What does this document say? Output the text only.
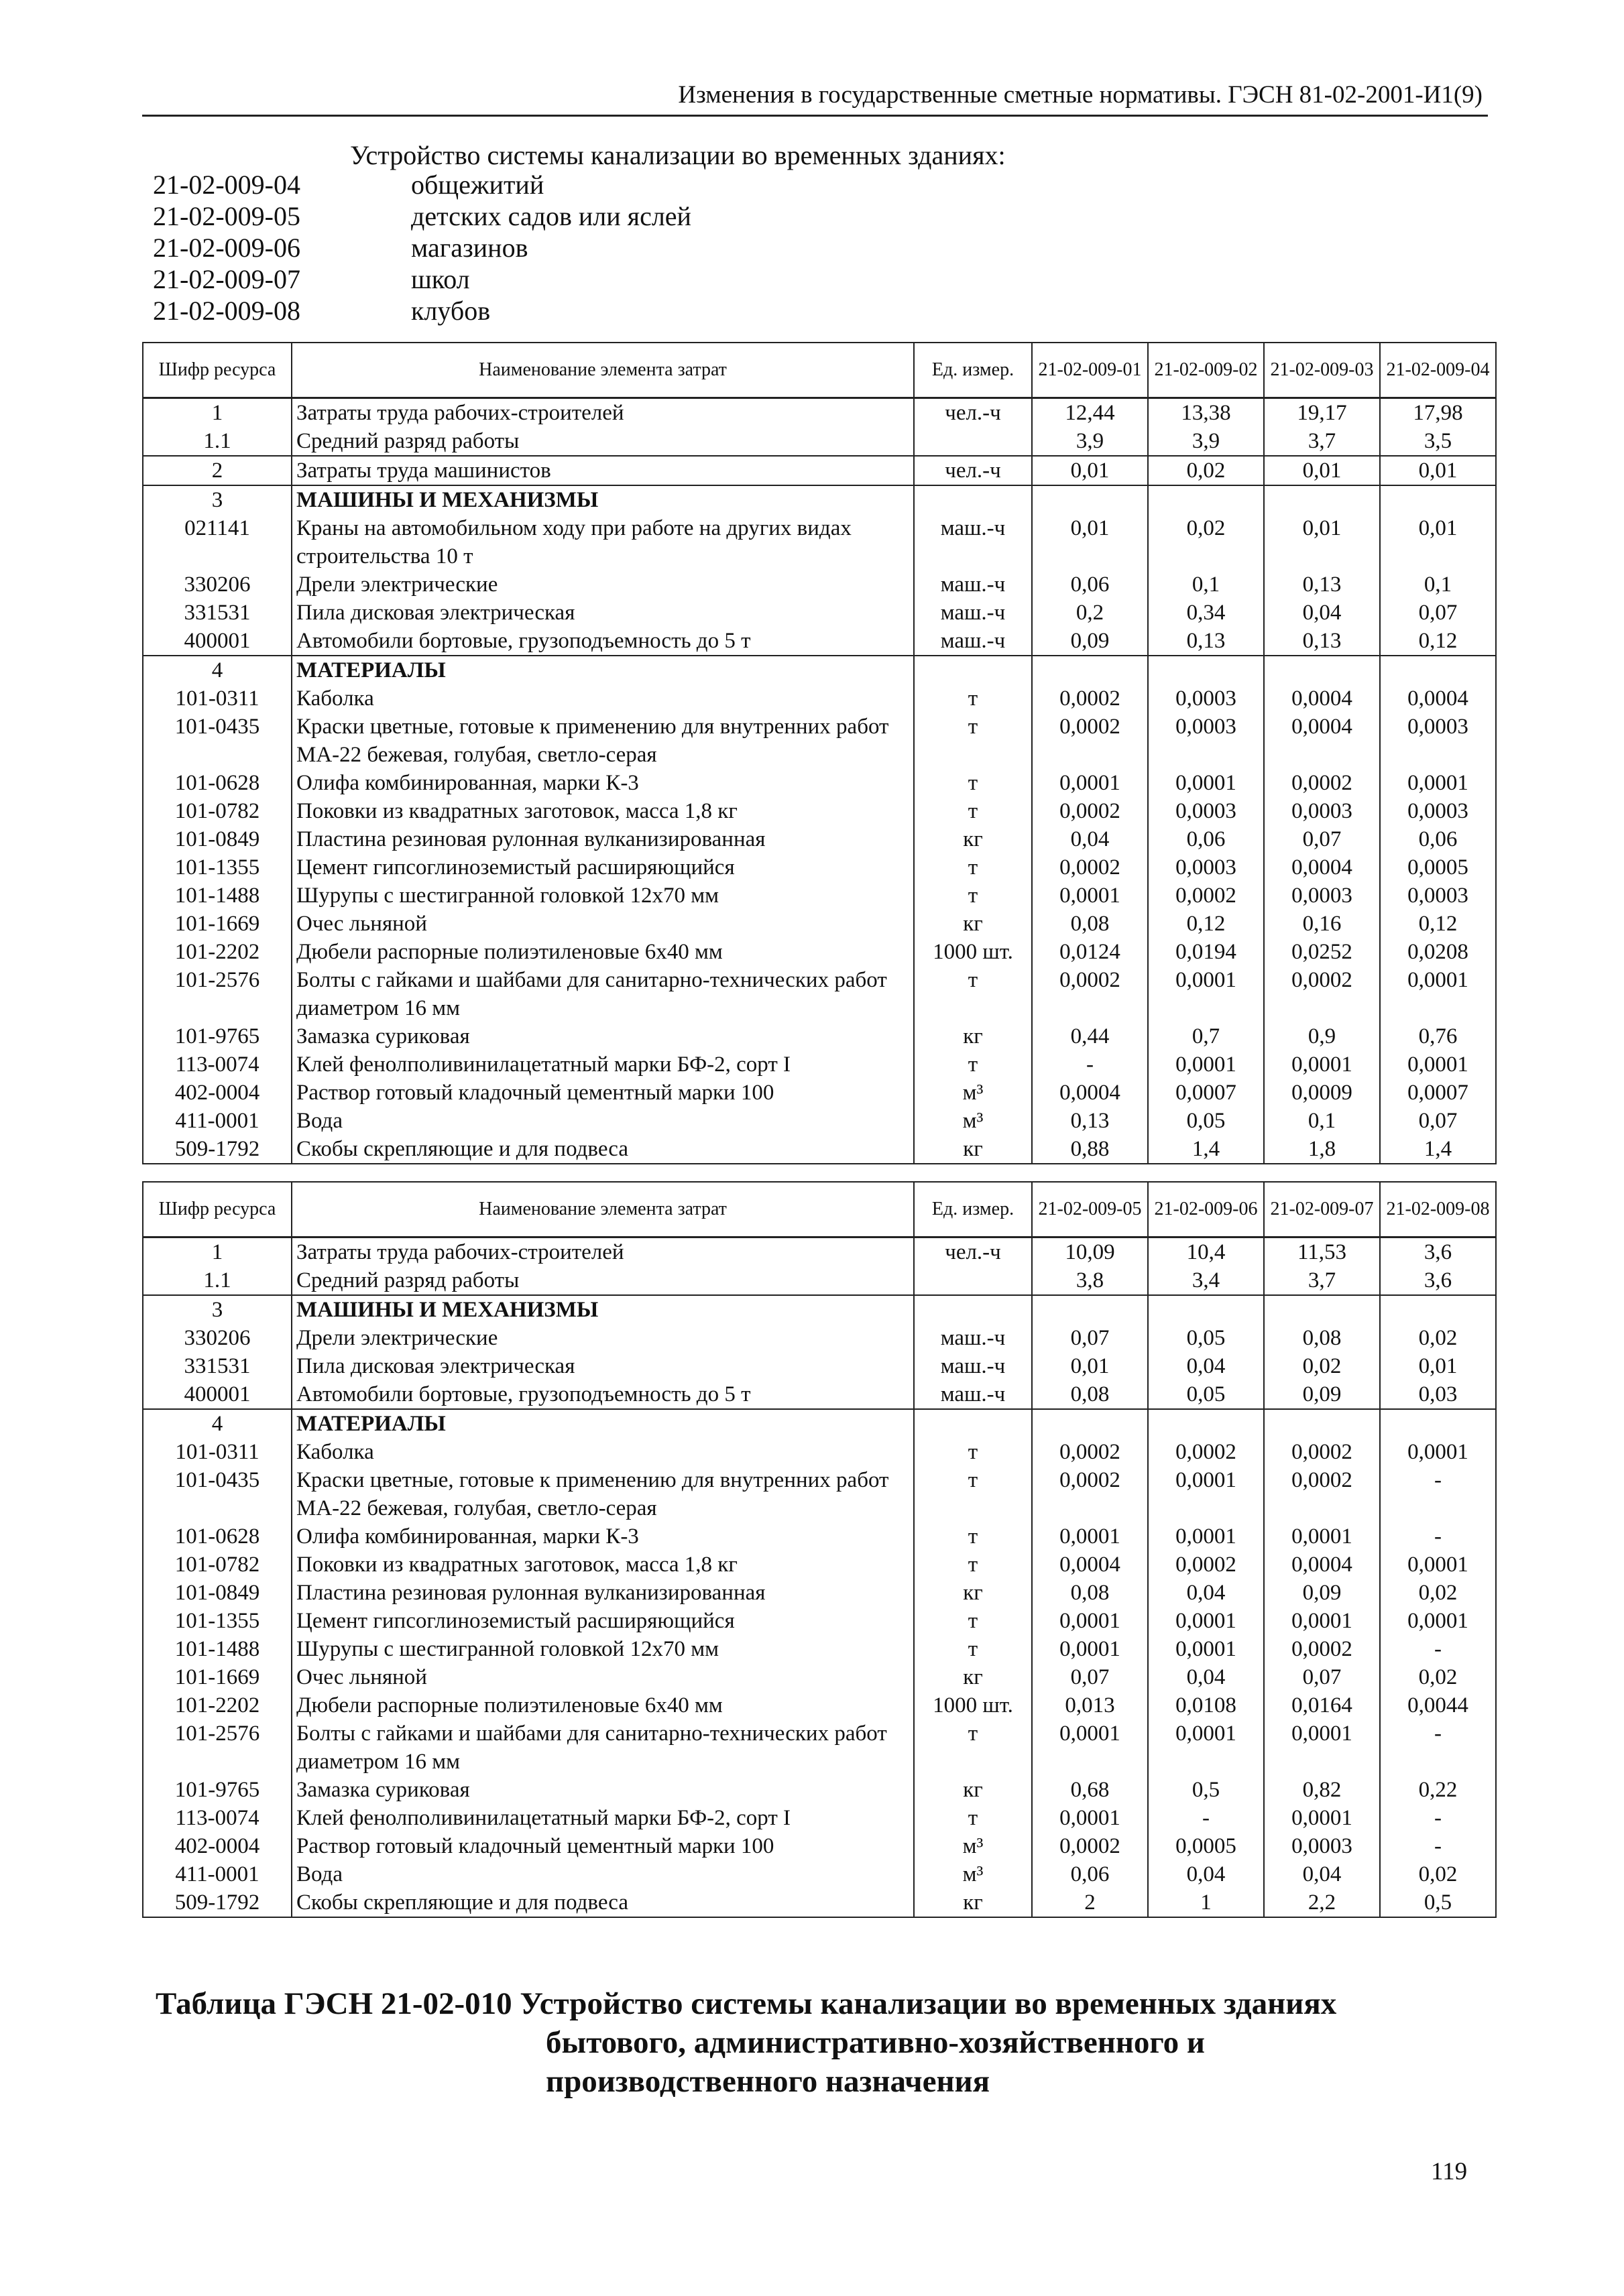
Изменения в государственные сметные нормативы. ГЭСН 81-02-2001-И1(9)
Устройство системы канализации во временных зданиях:
21-02-009-04	общежитий
21-02-009-05	детских садов или яслей
21-02-009-06	магазинов
21-02-009-07	школ
21-02-009-08	клубов
Шифр ресурса	Наименование элемента затрат	Ед. измер.	21-02-009-01	21-02-009-02	21-02-009-03	21-02-009-04
1	Затраты труда рабочих-строителей	чел.-ч	12,44	13,38	19,17	17,98
1.1	Средний разряд работы		3,9	3,9	3,7	3,5
2	Затраты труда машинистов	чел.-ч	0,01	0,02	0,01	0,01
3	МАШИНЫ И МЕХАНИЗМЫ					
021141	Краны на автомобильном ходу при работе на других видах строительства 10 т	маш.-ч	0,01	0,02	0,01	0,01
330206	Дрели электрические	маш.-ч	0,06	0,1	0,13	0,1
331531	Пила дисковая электрическая	маш.-ч	0,2	0,34	0,04	0,07
400001	Автомобили бортовые, грузоподъемность до 5 т	маш.-ч	0,09	0,13	0,13	0,12
4	МАТЕРИАЛЫ					
101-0311	Каболка	т	0,0002	0,0003	0,0004	0,0004
101-0435	Краски цветные, готовые к применению для внутренних работ МА-22 бежевая, голубая, светло-серая	т	0,0002	0,0003	0,0004	0,0003
101-0628	Олифа комбинированная, марки К-3	т	0,0001	0,0001	0,0002	0,0001
101-0782	Поковки из квадратных заготовок, масса 1,8 кг	т	0,0002	0,0003	0,0003	0,0003
101-0849	Пластина резиновая рулонная вулканизированная	кг	0,04	0,06	0,07	0,06
101-1355	Цемент гипсоглиноземистый расширяющийся	т	0,0002	0,0003	0,0004	0,0005
101-1488	Шурупы с шестигранной головкой 12х70 мм	т	0,0001	0,0002	0,0003	0,0003
101-1669	Очес льняной	кг	0,08	0,12	0,16	0,12
101-2202	Дюбели распорные полиэтиленовые 6х40 мм	1000 шт.	0,0124	0,0194	0,0252	0,0208
101-2576	Болты с гайками и шайбами для санитарно-технических работ диаметром 16 мм	т	0,0002	0,0001	0,0002	0,0001
101-9765	Замазка суриковая	кг	0,44	0,7	0,9	0,76
113-0074	Клей фенолполивинилацетатный марки БФ-2, сорт I	т	-	0,0001	0,0001	0,0001
402-0004	Раствор готовый кладочный цементный марки 100	м³	0,0004	0,0007	0,0009	0,0007
411-0001	Вода	м³	0,13	0,05	0,1	0,07
509-1792	Скобы скрепляющие и для подвеса	кг	0,88	1,4	1,8	1,4
Шифр ресурса	Наименование элемента затрат	Ед. измер.	21-02-009-05	21-02-009-06	21-02-009-07	21-02-009-08
1	Затраты труда рабочих-строителей	чел.-ч	10,09	10,4	11,53	3,6
1.1	Средний разряд работы		3,8	3,4	3,7	3,6
3	МАШИНЫ И МЕХАНИЗМЫ					
330206	Дрели электрические	маш.-ч	0,07	0,05	0,08	0,02
331531	Пила дисковая электрическая	маш.-ч	0,01	0,04	0,02	0,01
400001	Автомобили бортовые, грузоподъемность до 5 т	маш.-ч	0,08	0,05	0,09	0,03
4	МАТЕРИАЛЫ					
101-0311	Каболка	т	0,0002	0,0002	0,0002	0,0001
101-0435	Краски цветные, готовые к применению для внутренних работ МА-22 бежевая, голубая, светло-серая	т	0,0002	0,0001	0,0002	-
101-0628	Олифа комбинированная, марки К-3	т	0,0001	0,0001	0,0001	-
101-0782	Поковки из квадратных заготовок, масса 1,8 кг	т	0,0004	0,0002	0,0004	0,0001
101-0849	Пластина резиновая рулонная вулканизированная	кг	0,08	0,04	0,09	0,02
101-1355	Цемент гипсоглиноземистый расширяющийся	т	0,0001	0,0001	0,0001	0,0001
101-1488	Шурупы с шестигранной головкой 12х70 мм	т	0,0001	0,0001	0,0002	-
101-1669	Очес льняной	кг	0,07	0,04	0,07	0,02
101-2202	Дюбели распорные полиэтиленовые 6х40 мм	1000 шт.	0,013	0,0108	0,0164	0,0044
101-2576	Болты с гайками и шайбами для санитарно-технических работ диаметром 16 мм	т	0,0001	0,0001	0,0001	-
101-9765	Замазка суриковая	кг	0,68	0,5	0,82	0,22
113-0074	Клей фенолполивинилацетатный марки БФ-2, сорт I	т	0,0001	-	0,0001	-
402-0004	Раствор готовый кладочный цементный марки 100	м³	0,0002	0,0005	0,0003	-
411-0001	Вода	м³	0,06	0,04	0,04	0,02
509-1792	Скобы скрепляющие и для подвеса	кг	2	1	2,2	0,5
Таблица ГЭСН 21-02-010 Устройство системы канализации во временных зданиях
бытового, административно-хозяйственного и
производственного назначения
119
